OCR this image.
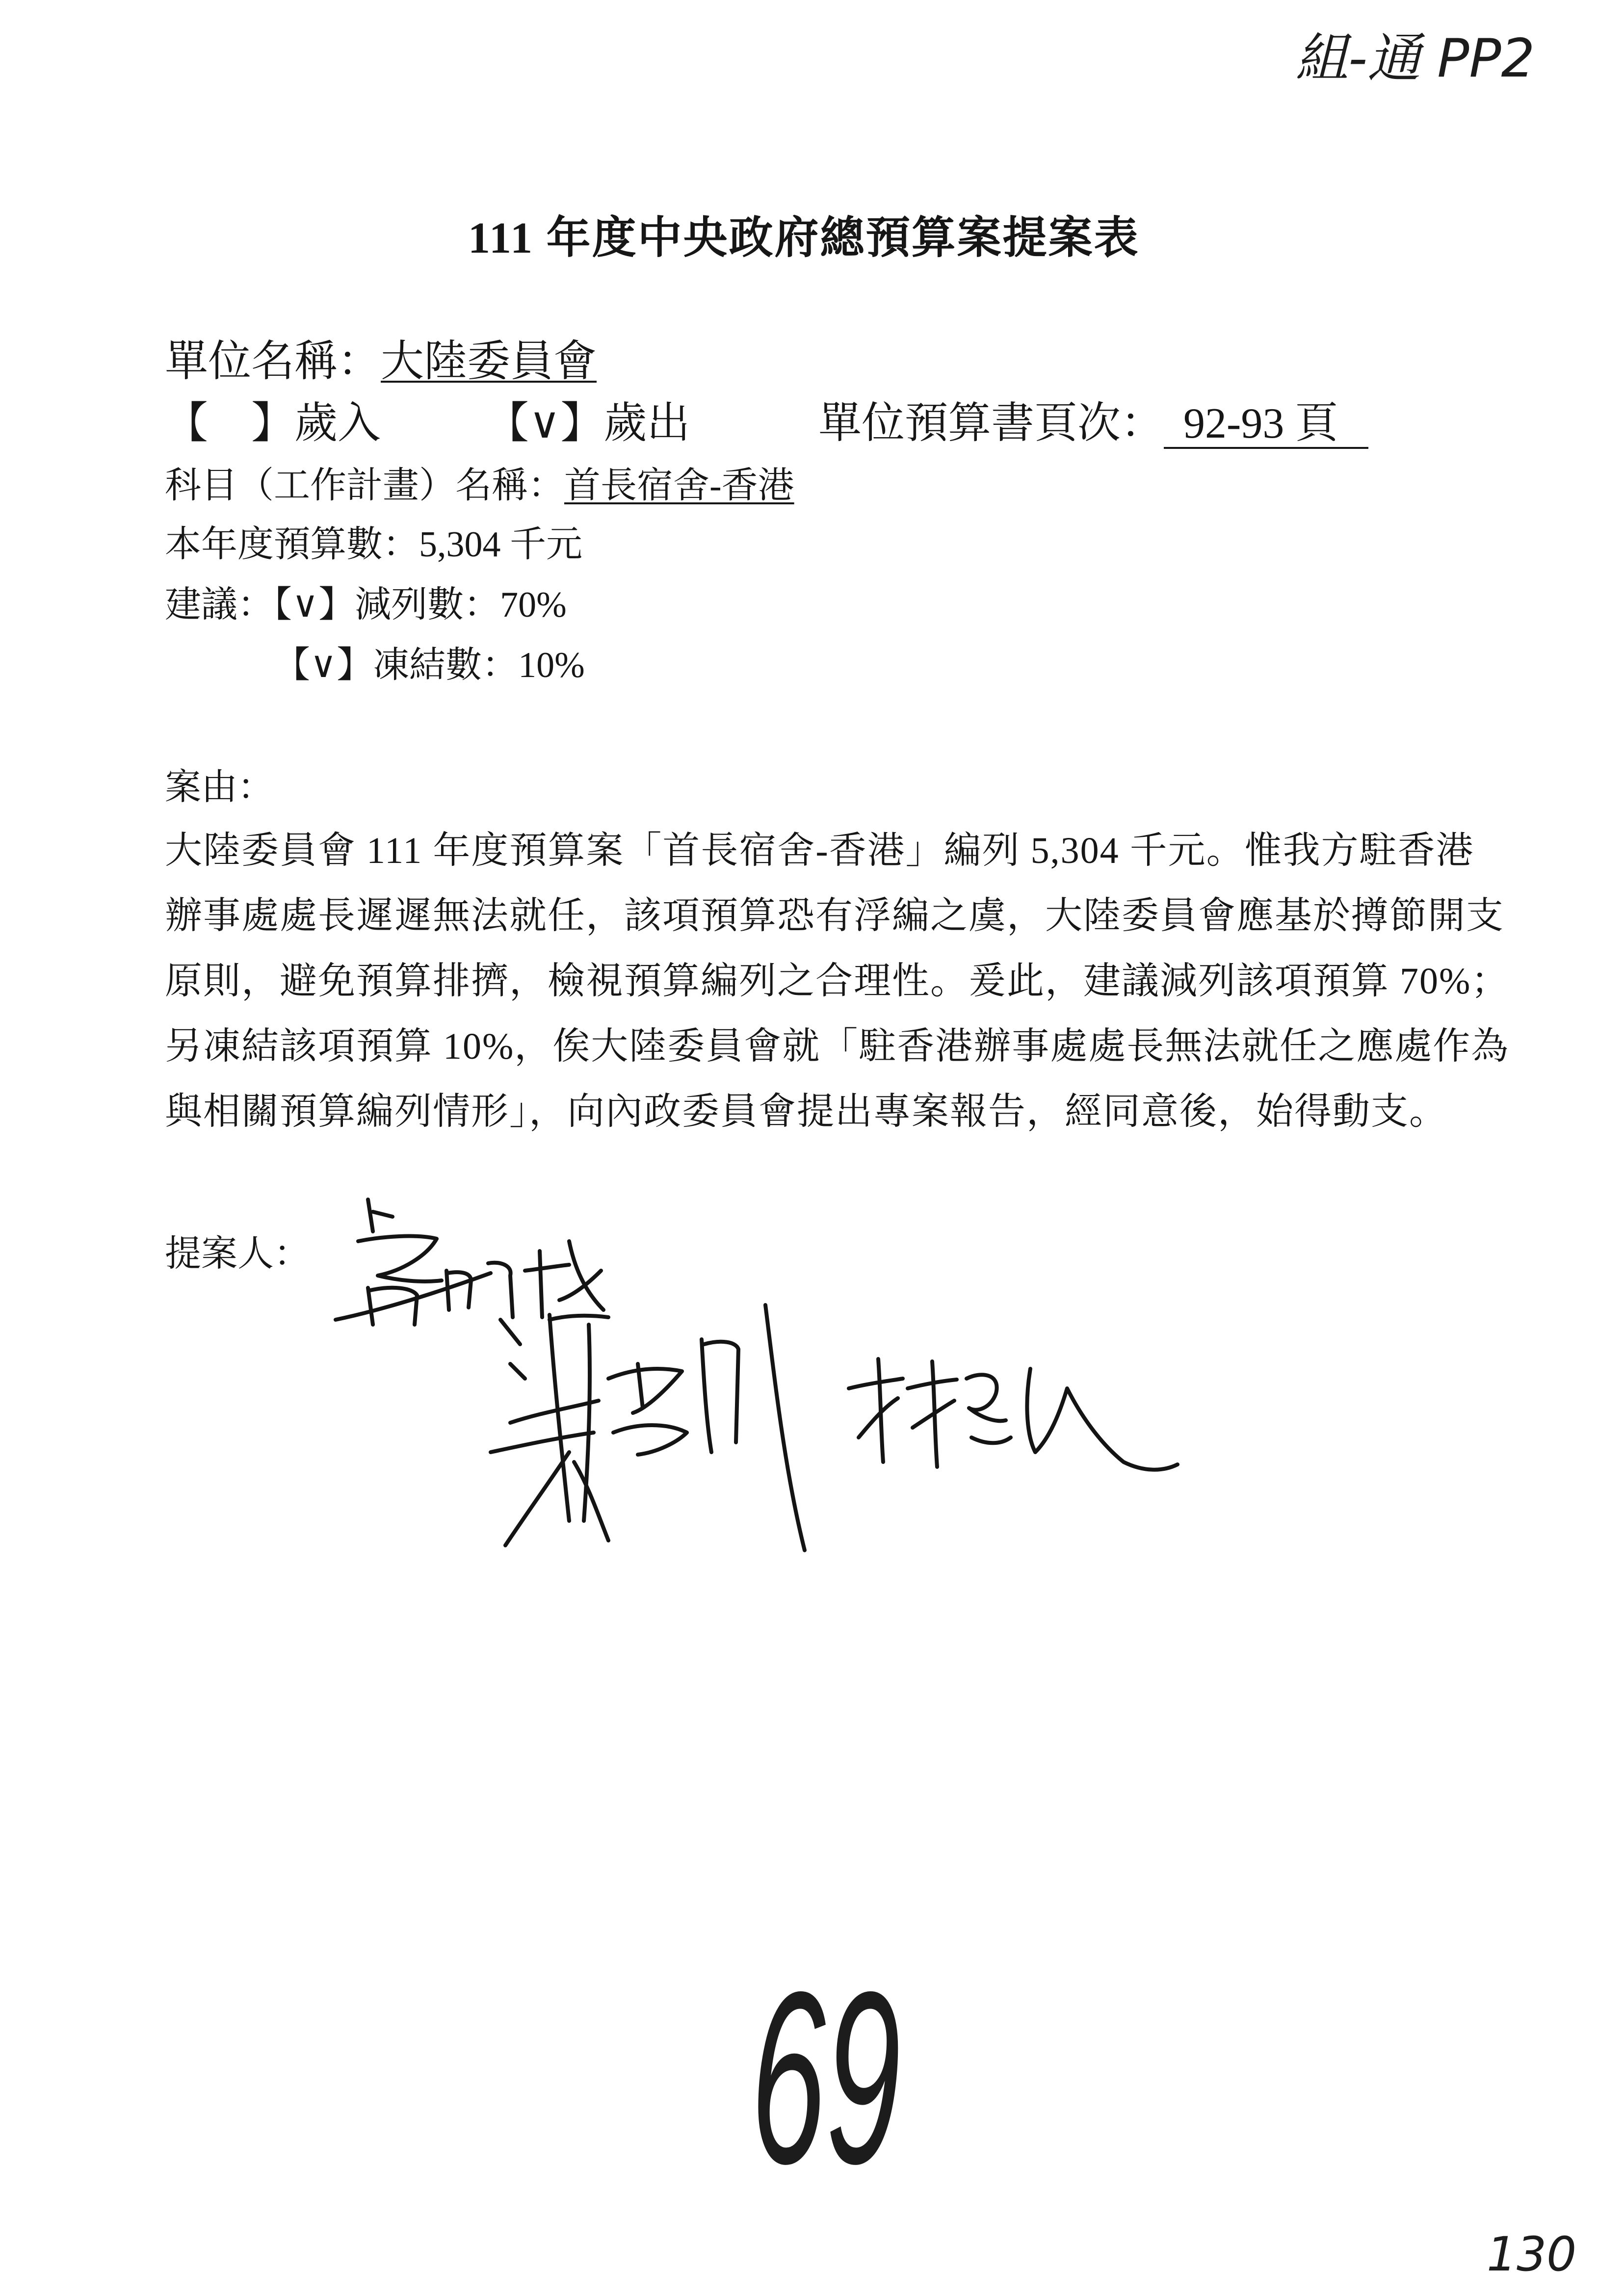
組-通 PP2
111 年度中央政府總預算案提案表
單位名稱：大陸委員會
【　】歲入 【∨】歲出	單位預算書頁次： 92-93 頁
科目（工作計畫）名稱：首長宿舍-香港
本年度預算數：5,304 千元
建議：【∨】減列數：70%
【∨】凍結數：10%
案由：
大陸委員會 111 年度預算案「首長宿舍-香港」編列 5,304 千元。惟我方駐香港
辦事處處長遲遲無法就任，該項預算恐有浮編之虞，大陸委員會應基於撙節開支
原則，避免預算排擠，檢視預算編列之合理性。爰此，建議減列該項預算 70%；
另凍結該項預算 10%，俟大陸委員會就「駐香港辦事處處長無法就任之應處作為
與相關預算編列情形」，向內政委員會提出專案報告，經同意後，始得動支。
提案人：
69
130
